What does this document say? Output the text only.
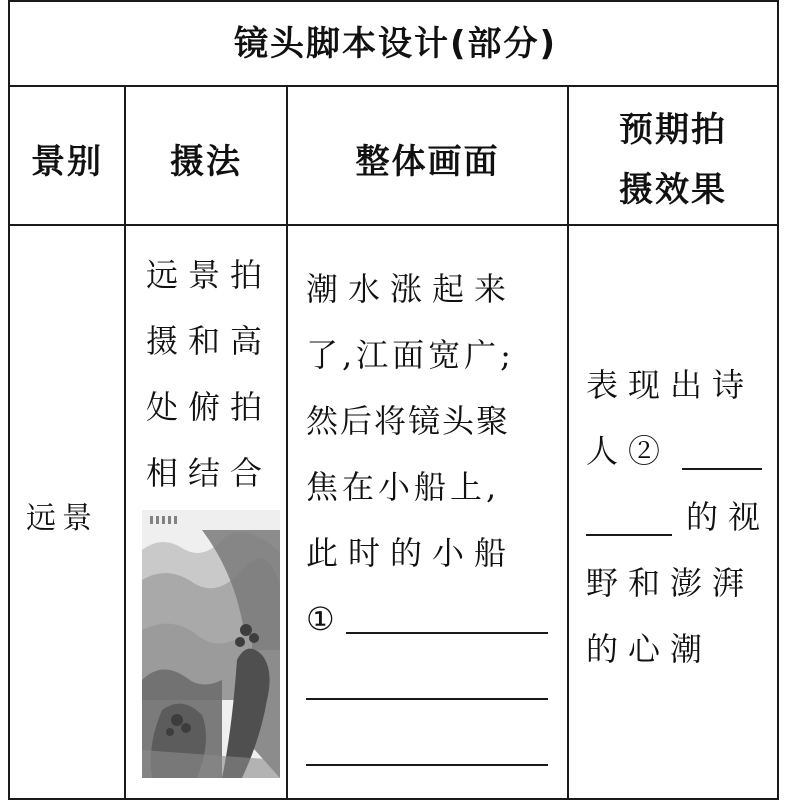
镜头脚本设计(部分)
景别	摄法	整体画面
预期拍
摄效果
远景
远景拍
摄和高
处俯拍
相结合
潮水涨起来
了,江面宽广;
然后将镜头聚
焦在小船上,
此时的小船
①
表现出诗
人②
的视
野和澎湃
的心潮
